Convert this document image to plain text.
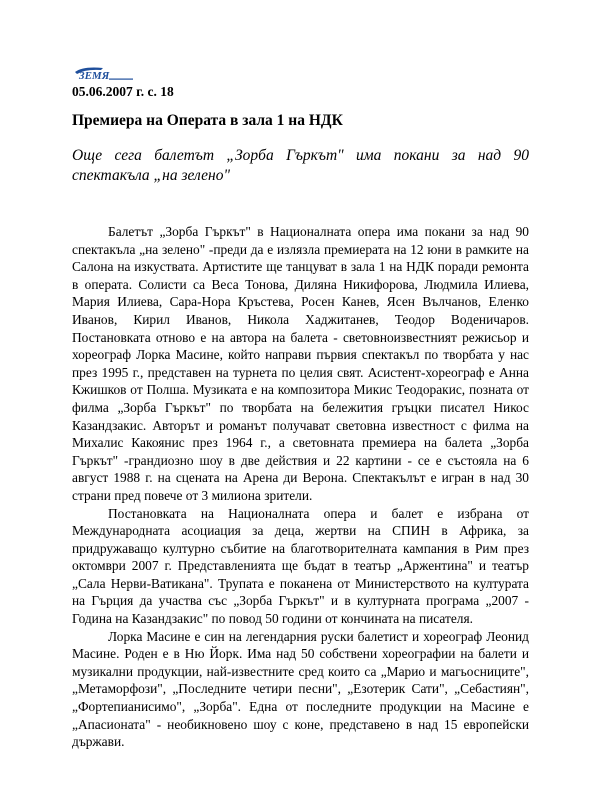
ЗЕМЯ
05.06.2007 г. с. 18
Премиера на Операта в зала 1 на НДК
Още сега балетът „Зорба Гъркът" има покани за над 90 спектакъла „на зелено"

Балетът „Зорба Гъркът" в Националната опера има покани за над 90 спектакъла „на зелено" -преди да е излязла премиерата на 12 юни в рамките на Салона на изкуствата. Артистите ще танцуват в зала 1 на НДК поради ремонта в операта. Солисти са Веса Тонова, Диляна Никифорова, Людмила Илиева, Мария Илиева, Сара-Нора Кръстева, Росен Канев, Ясен Вълчанов, Еленко Иванов, Кирил Иванов, Никола Хаджитанев, Теодор Воденичаров. Постановката отново е на автора на балета - световноизвестният режисьор и хореограф Лорка Масине, който направи първия спектакъл по творбата у нас през 1995 г., представен на турнета по целия свят. Асистент-хореограф е Анна Кжишков от Полша. Музиката е на композитора Микис Теодоракис, позната от филма „Зорба Гъркът" по творбата на бележития гръцки писател Никос Казандзакис. Авторът и романът получават световна известност с филма на Михалис Какоянис през 1964 г., а световната премиера на балета „Зорба Гъркът" -грандиозно шоу в две действия и 22 картини - се е състояла на 6 август 1988 г. на сцената на Арена ди Верона. Спектакълът е игран в над 30 страни пред повече от 3 милиона зрители.

Постановката на Националната опера и балет е избрана от Международната асоциация за деца, жертви на СПИН в Африка, за придружаващо културно събитие на благотворителната кампания в Рим през октомври 2007 г. Представленията ще бъдат в театър „Аржентина" и театър „Сала Нерви-Ватикана". Трупата е поканена от Министерството на културата на Гърция да участва със „Зорба Гъркът" и в културната програма „2007 - Година на Казандзакис" по повод 50 години от кончината на писателя.

Лорка Масине е син на легендарния руски балетист и хореограф Леонид Масине. Роден е в Ню Йорк. Има над 50 собствени хореографии на балети и музикални продукции, най-известните сред които са „Марио и магьосниците", „Метаморфози", „Последните четири песни", „Езотерик Сати", „Себастиян", „Фортепианисимо", „Зорба". Една от последните продукции на Масине е „Апасионата" - необикновено шоу с коне, представено в над 15 европейски държави.
